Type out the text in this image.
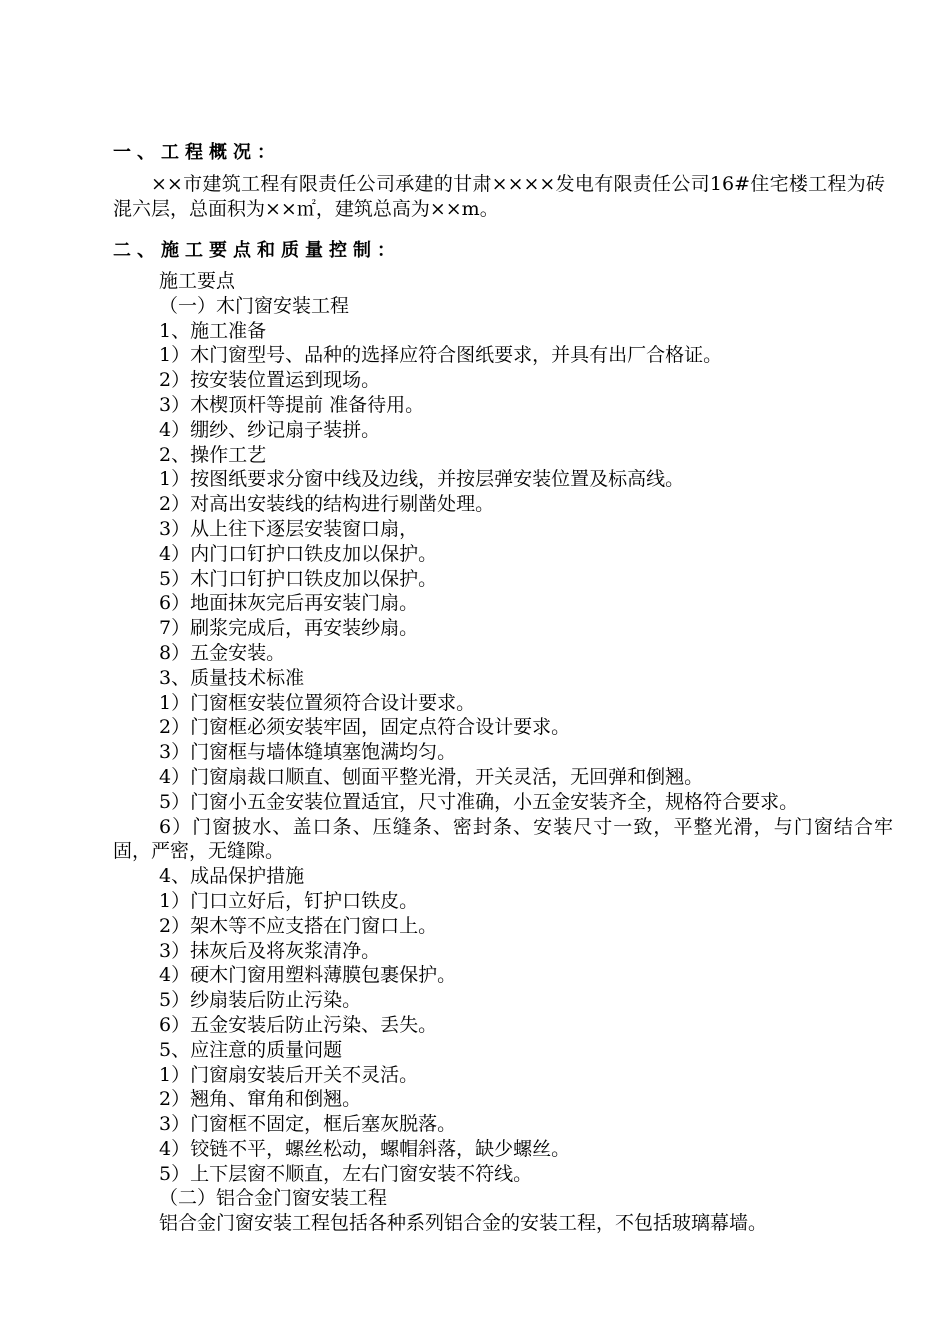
一、工程概况：
××市建筑工程有限责任公司承建的甘肃××××发电有限责任公司16#住宅楼工程为砖混六层，总面积为××㎡，建筑总高为××m。
二、施工要点和质量控制：
施工要点
（一）木门窗安装工程
1、施工准备
1）木门窗型号、品种的选择应符合图纸要求，并具有出厂合格证。
2）按安装位置运到现场。
3）木楔顶杆等提前 准备待用。
4）绷纱、纱记扇子装拼。
2、操作工艺
1）按图纸要求分窗中线及边线，并按层弹安装位置及标高线。
2）对高出安装线的结构进行剔凿处理。
3）从上往下逐层安装窗口扇，
4）内门口钉护口铁皮加以保护。
5）木门口钉护口铁皮加以保护。
6）地面抹灰完后再安装门扇。
7）刷浆完成后，再安装纱扇。
8）五金安装。
3、质量技术标准
1）门窗框安装位置须符合设计要求。
2）门窗框必须安装牢固，固定点符合设计要求。
3）门窗框与墙体缝填塞饱满均匀。
4）门窗扇裁口顺直、刨面平整光滑，开关灵活，无回弹和倒翘。
5）门窗小五金安装位置适宜，尺寸准确，小五金安装齐全，规格符合要求。
6）门窗披水、盖口条、压缝条、密封条、安装尺寸一致，平整光滑，与门窗结合牢固，严密，无缝隙。
4、成品保护措施
1）门口立好后，钉护口铁皮。
2）架木等不应支搭在门窗口上。
3）抹灰后及将灰浆清净。
4）硬木门窗用塑料薄膜包裹保护。
5）纱扇装后防止污染。
6）五金安装后防止污染、丢失。
5、应注意的质量问题
1）门窗扇安装后开关不灵活。
2）翘角、窜角和倒翘。
3）门窗框不固定，框后塞灰脱落。
4）铰链不平，螺丝松动，螺帽斜落，缺少螺丝。
5）上下层窗不顺直，左右门窗安装不符线。
（二）铝合金门窗安装工程
铝合金门窗安装工程包括各种系列铝合金的安装工程，不包括玻璃幕墙。
